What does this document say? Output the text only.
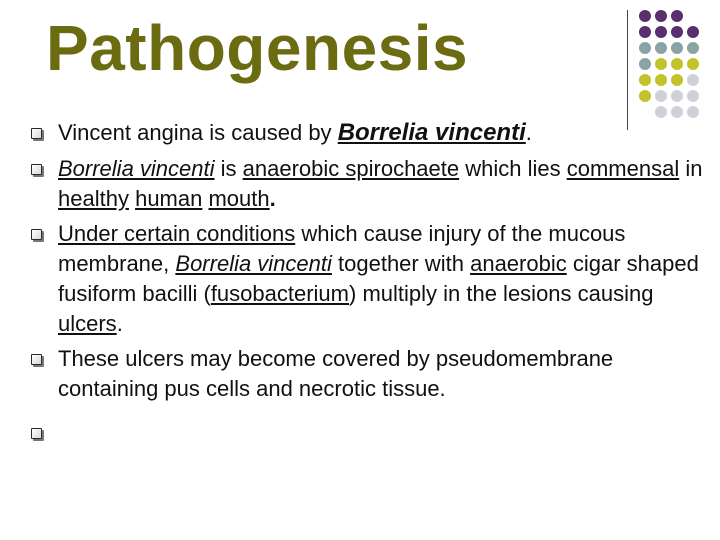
Pathogenesis
Vincent angina is caused by Borrelia vincenti.
Borrelia vincenti is anaerobic spirochaete which lies commensal in healthy human mouth.
Under certain conditions which cause injury of the mucous membrane, Borrelia vincenti together with anaerobic cigar shaped fusiform bacilli (fusobacterium) multiply in the lesions causing ulcers.
These ulcers may become covered by pseudomembrane containing pus cells and necrotic tissue.
